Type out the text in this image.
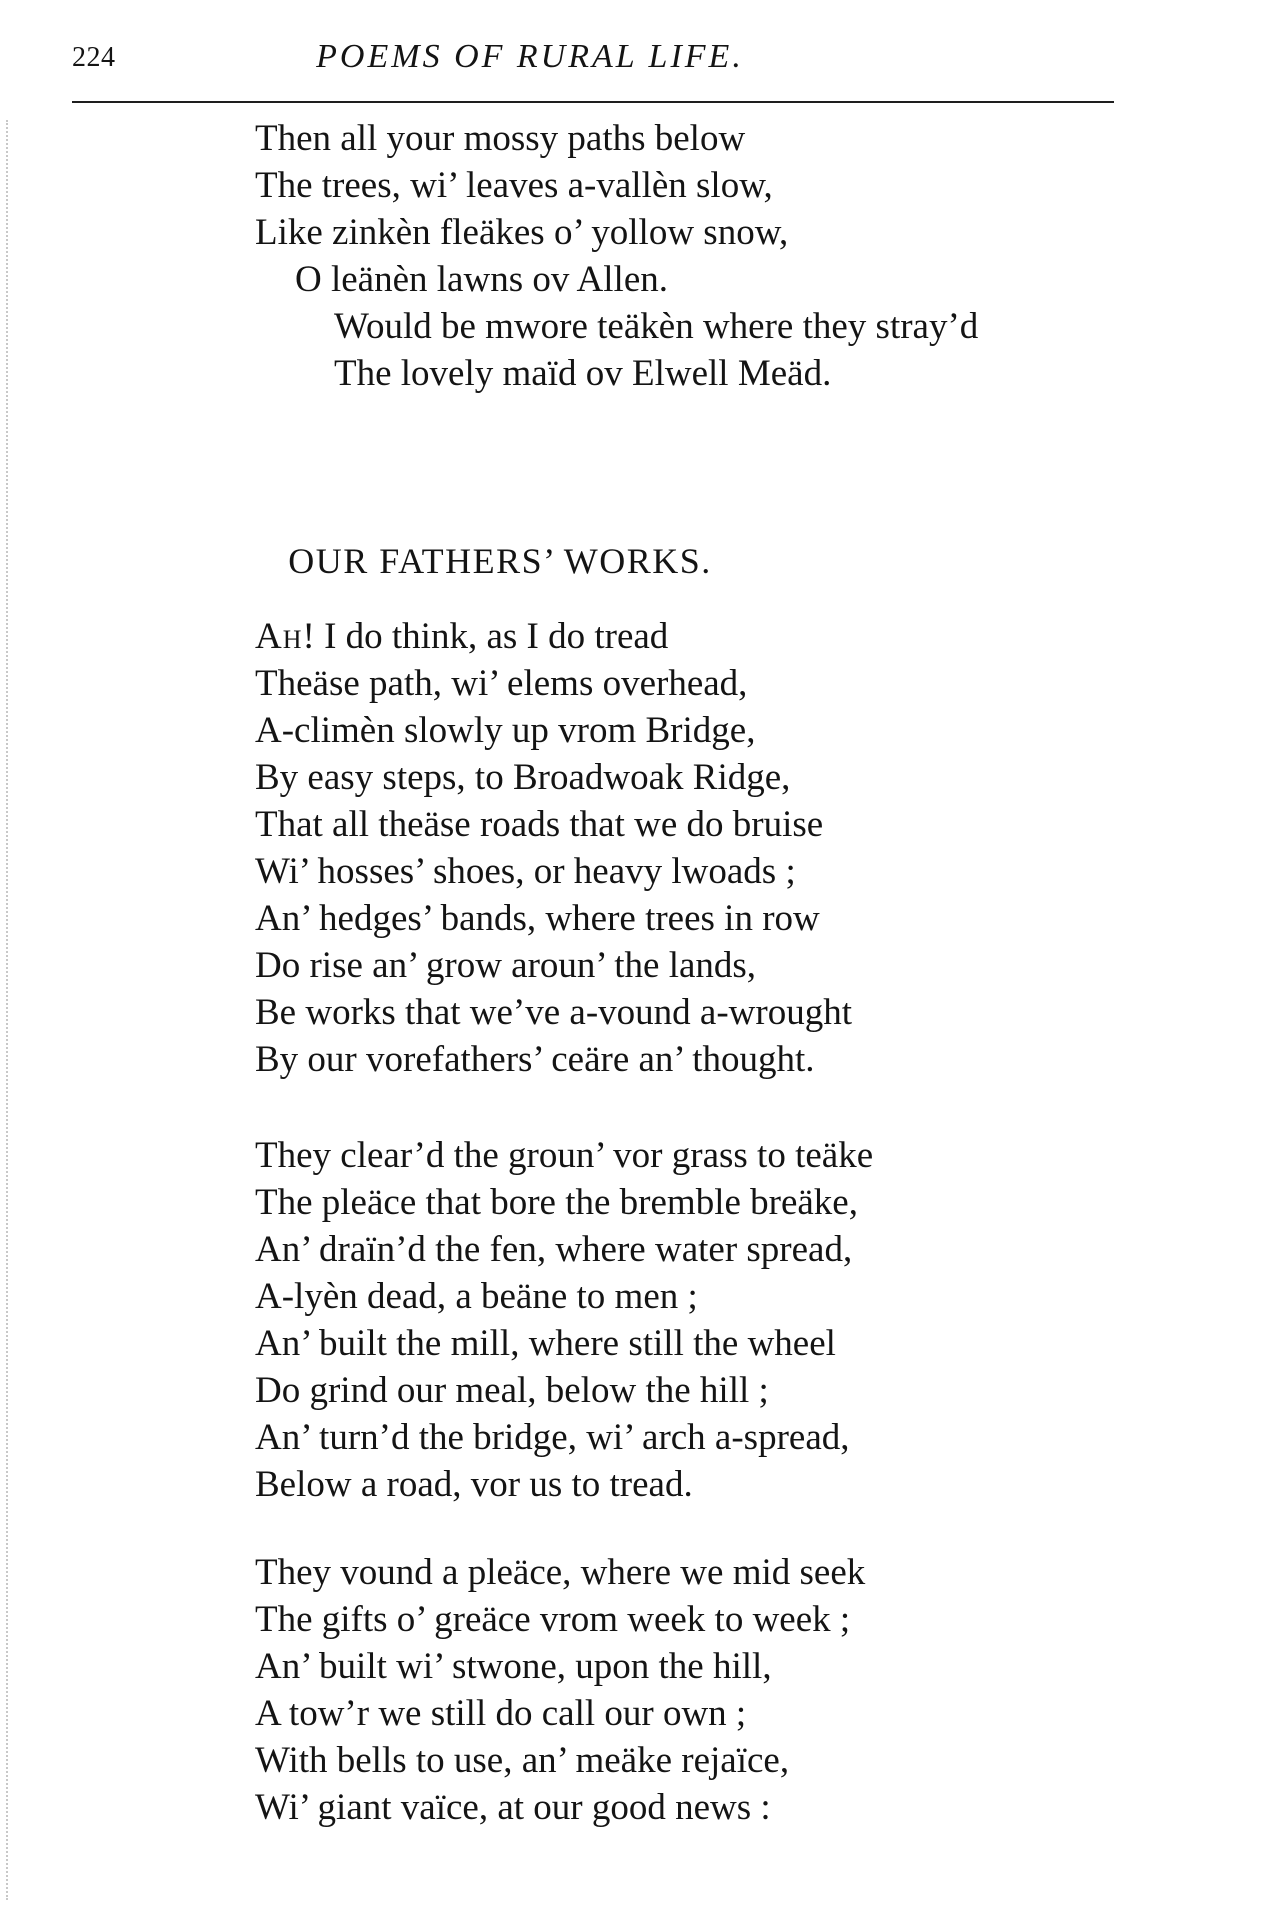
224	POEMS OF RURAL LIFE.
Then all your mossy paths below
The trees, wi’ leaves a-vallèn slow,
Like zinkèn fleäkes o’ yollow snow,
O leänèn lawns ov Allen.
Would be mwore teäkèn where they stray’d
The lovely maïd ov Elwell Meäd.
OUR FATHERS’ WORKS.
Ah! I do think, as I do tread
Theäse path, wi’ elems overhead,
A-climèn slowly up vrom Bridge,
By easy steps, to Broadwoak Ridge,
That all theäse roads that we do bruise
Wi’ hosses’ shoes, or heavy lwoads ;
An’ hedges’ bands, where trees in row
Do rise an’ grow aroun’ the lands,
Be works that we’ve a-vound a-wrought
By our vorefathers’ ceäre an’ thought.
They clear’d the groun’ vor grass to teäke
The pleäce that bore the bremble breäke,
An’ draïn’d the fen, where water spread,
A-lyèn dead, a beäne to men ;
An’ built the mill, where still the wheel
Do grind our meal, below the hill ;
An’ turn’d the bridge, wi’ arch a-spread,
Below a road, vor us to tread.
They vound a pleäce, where we mid seek
The gifts o’ greäce vrom week to week ;
An’ built wi’ stwone, upon the hill,
A tow’r we still do call our own ;
With bells to use, an’ meäke rejaïce,
Wi’ giant vaïce, at our good news :
